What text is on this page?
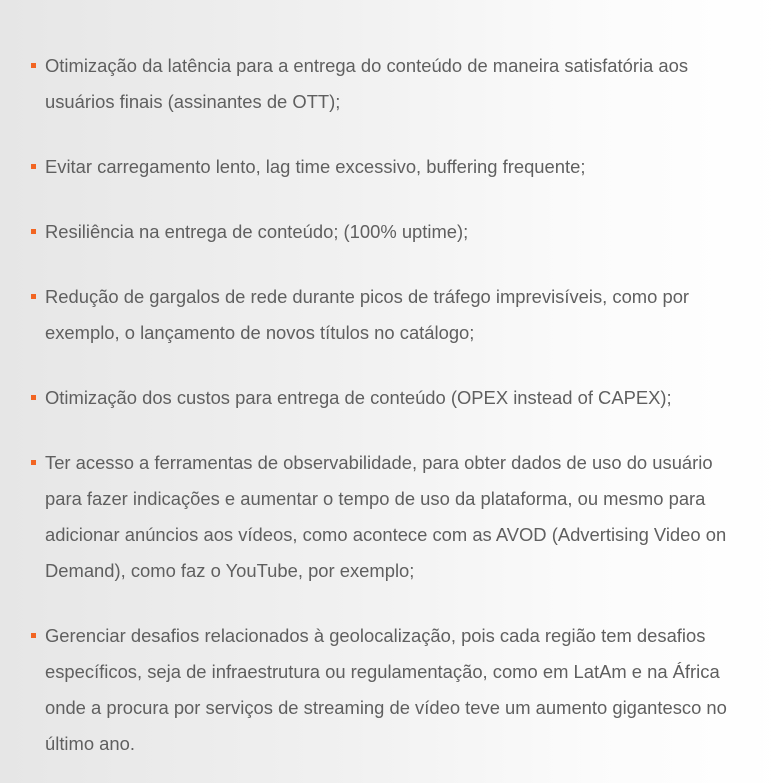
Otimização da latência para a entrega do conteúdo de maneira satisfatória aos usuários finais (assinantes de OTT);
Evitar carregamento lento, lag time excessivo, buffering frequente;
Resiliência na entrega de conteúdo; (100% uptime);
Redução de gargalos de rede durante picos de tráfego imprevisíveis, como por exemplo, o lançamento de novos títulos no catálogo;
Otimização dos custos para entrega de conteúdo (OPEX instead of CAPEX);
Ter acesso a ferramentas de observabilidade, para obter dados de uso do usuário para fazer indicações e aumentar o tempo de uso da plataforma, ou mesmo para adicionar anúncios aos vídeos, como acontece com as AVOD (Advertising Video on Demand), como faz o YouTube, por exemplo;
Gerenciar desafios relacionados à geolocalização, pois cada região tem desafios específicos, seja de infraestrutura ou regulamentação, como em LatAm e na África onde a procura por serviços de streaming de vídeo teve um aumento gigantesco no último ano.
